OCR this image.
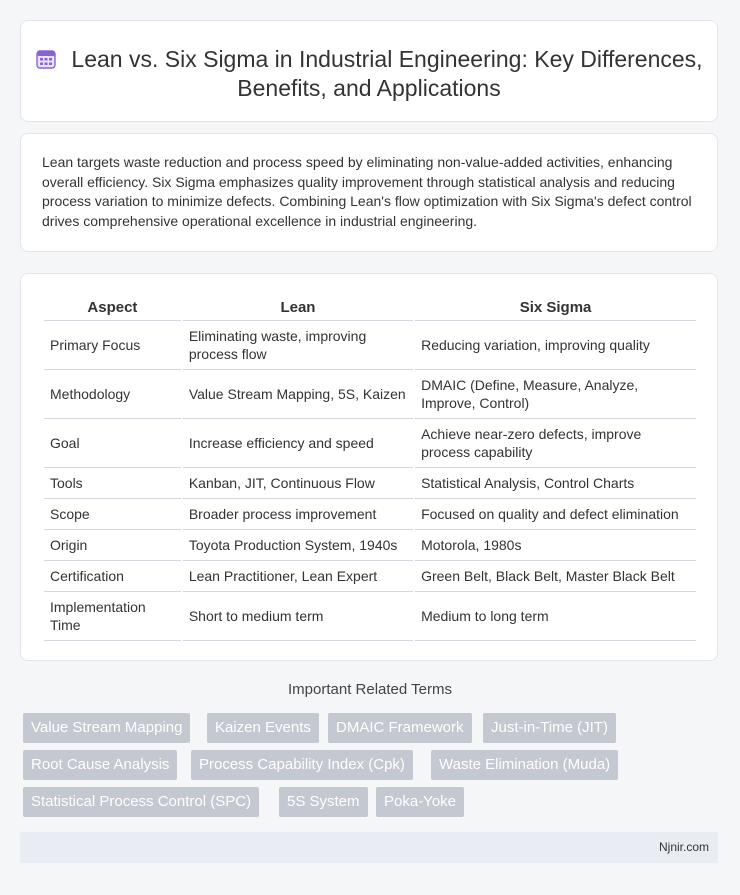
Lean vs. Six Sigma in Industrial Engineering: Key Differences, Benefits, and Applications
Lean targets waste reduction and process speed by eliminating non-value-added activities, enhancing overall efficiency. Six Sigma emphasizes quality improvement through statistical analysis and reducing process variation to minimize defects. Combining Lean's flow optimization with Six Sigma's defect control drives comprehensive operational excellence in industrial engineering.
Aspect	Lean	Six Sigma
Primary Focus	Eliminating waste, improving process flow	Reducing variation, improving quality
Methodology	Value Stream Mapping, 5S, Kaizen	DMAIC (Define, Measure, Analyze, Improve, Control)
Goal	Increase efficiency and speed	Achieve near-zero defects, improve process capability
Tools	Kanban, JIT, Continuous Flow	Statistical Analysis, Control Charts
Scope	Broader process improvement	Focused on quality and defect elimination
Origin	Toyota Production System, 1940s	Motorola, 1980s
Certification	Lean Practitioner, Lean Expert	Green Belt, Black Belt, Master Black Belt
Implementation Time	Short to medium term	Medium to long term
Important Related Terms
Value Stream Mapping	Kaizen Events	DMAIC Framework	Just-in-Time (JIT)
Root Cause Analysis	Process Capability Index (Cpk)	Waste Elimination (Muda)
Statistical Process Control (SPC)	5S System	Poka-Yoke
Njnir.com
